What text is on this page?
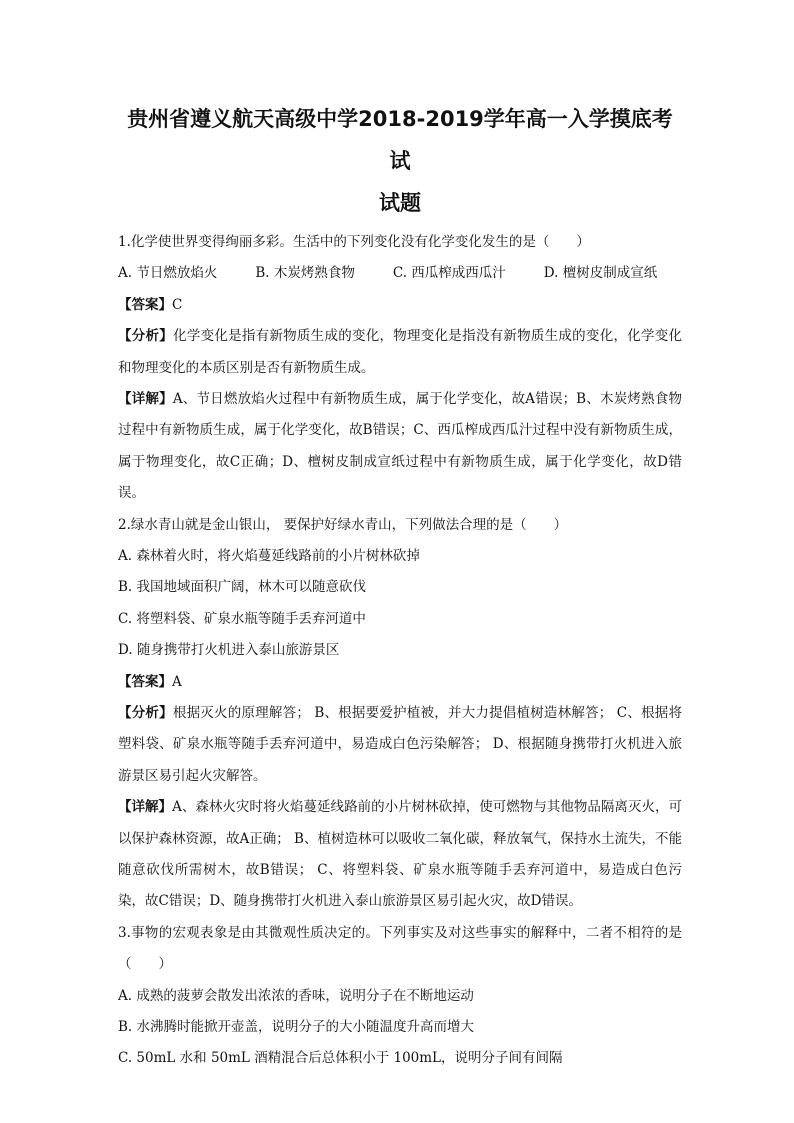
贵州省遵义航天高级中学2018-2019学年高一入学摸底考试
试题
1.化学使世界变得绚丽多彩。生活中的下列变化没有化学变化发生的是（　　）
A. 节日燃放焰火	B. 木炭烤熟食物	C. 西瓜榨成西瓜汁	D. 檀树皮制成宣纸
【答案】C
【分析】化学变化是指有新物质生成的变化，物理变化是指没有新物质生成的变化，化学变化和物理变化的本质区别是否有新物质生成。
【详解】A、节日燃放焰火过程中有新物质生成，属于化学变化，故A错误；B、木炭烤熟食物过程中有新物质生成，属于化学变化，故B错误；C、西瓜榨成西瓜汁过程中没有新物质生成，属于物理变化，故C正确；D、檀树皮制成宣纸过程中有新物质生成，属于化学变化，故D错误。
2.绿水青山就是金山银山， 要保护好绿水青山，下列做法合理的是（　　）
A. 森林着火时，将火焰蔓延线路前的小片树林砍掉
B. 我国地域面积广阔，林木可以随意砍伐
C. 将塑料袋、矿泉水瓶等随手丢弃河道中
D. 随身携带打火机进入泰山旅游景区
【答案】A
【分析】根据灭火的原理解答； B、根据要爱护植被，并大力提倡植树造林解答； C、根据将塑料袋、矿泉水瓶等随手丢弃河道中，易造成白色污染解答； D、根据随身携带打火机进入旅游景区易引起火灾解答。
【详解】A、森林火灾时将火焰蔓延线路前的小片树林砍掉，使可燃物与其他物品隔离灭火，可以保护森林资源，故A正确； B、植树造林可以吸收二氧化碳，释放氧气，保持水土流失，不能随意砍伐所需树木，故B错误； C、将塑料袋、矿泉水瓶等随手丢弃河道中，易造成白色污染，故C错误；D、随身携带打火机进入泰山旅游景区易引起火灾，故D错误。
3.事物的宏观表象是由其微观性质决定的。下列事实及对这些事实的解释中，二者不相符的是（　　）
A. 成熟的菠萝会散发出浓浓的香味，说明分子在不断地运动
B. 水沸腾时能掀开壶盖，说明分子的大小随温度升高而增大
C. 50mL 水和 50mL 酒精混合后总体积小于 100mL，说明分子间有间隔
